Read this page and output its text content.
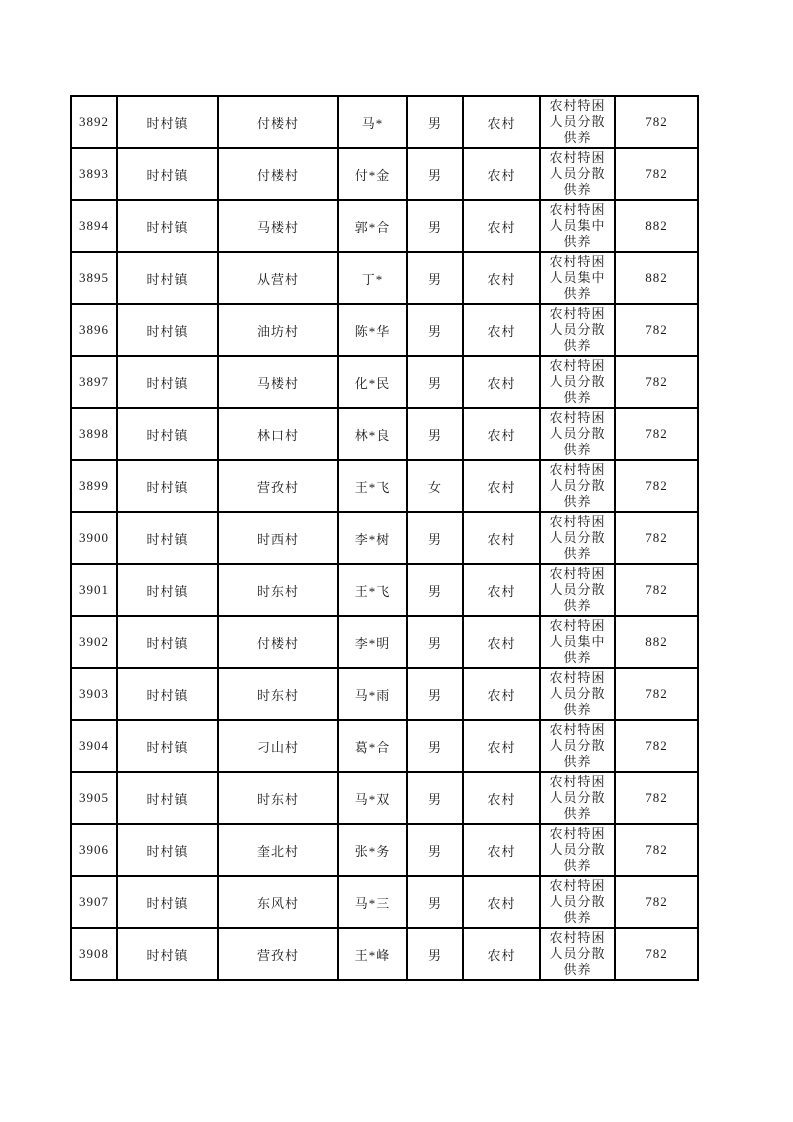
3892	时村镇	付楼村	马*	男	农村	农村特困人员分散供养	782
3893	时村镇	付楼村	付*金	男	农村	农村特困人员分散供养	782
3894	时村镇	马楼村	郭*合	男	农村	农村特困人员集中供养	882
3895	时村镇	从营村	丁*	男	农村	农村特困人员集中供养	882
3896	时村镇	油坊村	陈*华	男	农村	农村特困人员分散供养	782
3897	时村镇	马楼村	化*民	男	农村	农村特困人员分散供养	782
3898	时村镇	林口村	林*良	男	农村	农村特困人员分散供养	782
3899	时村镇	营孜村	王*飞	女	农村	农村特困人员分散供养	782
3900	时村镇	时西村	李*树	男	农村	农村特困人员分散供养	782
3901	时村镇	时东村	王*飞	男	农村	农村特困人员分散供养	782
3902	时村镇	付楼村	李*明	男	农村	农村特困人员集中供养	882
3903	时村镇	时东村	马*雨	男	农村	农村特困人员分散供养	782
3904	时村镇	刁山村	葛*合	男	农村	农村特困人员分散供养	782
3905	时村镇	时东村	马*双	男	农村	农村特困人员分散供养	782
3906	时村镇	奎北村	张*务	男	农村	农村特困人员分散供养	782
3907	时村镇	东风村	马*三	男	农村	农村特困人员分散供养	782
3908	时村镇	营孜村	王*峰	男	农村	农村特困人员分散供养	782
